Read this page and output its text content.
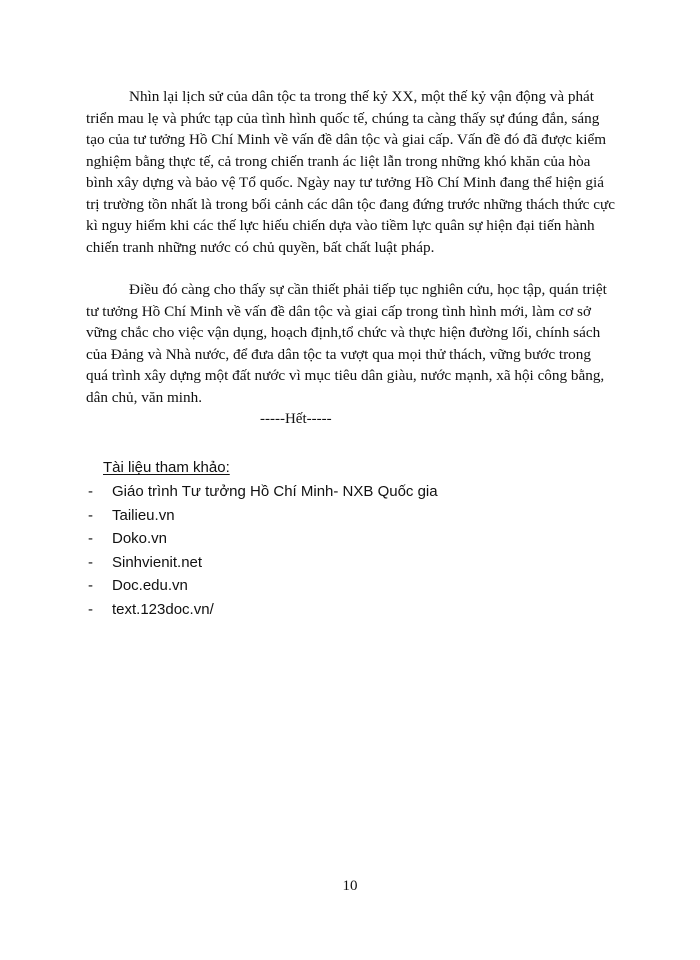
Nhìn lại lịch sử của dân tộc ta trong thế kỷ XX, một thế kỷ vận động và phát triển mau lẹ và phức tạp của tình hình quốc tế, chúng ta càng thấy sự đúng đắn, sáng tạo của tư tưởng Hồ Chí Minh về vấn đề dân tộc và giai cấp. Vấn đề đó đã được kiểm nghiệm bằng thực tế, cả trong chiến tranh ác liệt lẫn trong những khó khăn của hòa bình xây dựng và bảo vệ Tổ quốc. Ngày nay tư tưởng Hồ Chí Minh đang thể hiện giá trị trường tồn nhất là trong bối cảnh các dân tộc đang đứng trước những thách thức cực kì nguy hiểm khi các thế lực hiếu chiến dựa vào tiềm lực quân sự hiện đại tiến hành chiến tranh những nước có chủ quyền, bất chất luật pháp.

Điều đó càng cho thấy sự cần thiết phải tiếp tục nghiên cứu, học tập, quán triệt tư tưởng Hồ Chí Minh về vấn đề dân tộc và giai cấp trong tình hình mới, làm cơ sở vững chắc cho việc vận dụng, hoạch định,tổ chức và thực hiện đường lối, chính sách của Đảng và Nhà nước, để đưa dân tộc ta vượt qua mọi thử thách, vững bước trong quá trình xây dựng một đất nước vì mục tiêu dân giàu, nước mạnh, xã hội công bằng, dân chủ, văn minh.

-----Hết-----

Tài liệu tham khảo:

-	Giáo trình Tư tưởng Hồ Chí Minh- NXB Quốc gia
-	Tailieu.vn
-	Doko.vn
-	Sinhvienit.net
-	Doc.edu.vn
-	text.123doc.vn/
10
